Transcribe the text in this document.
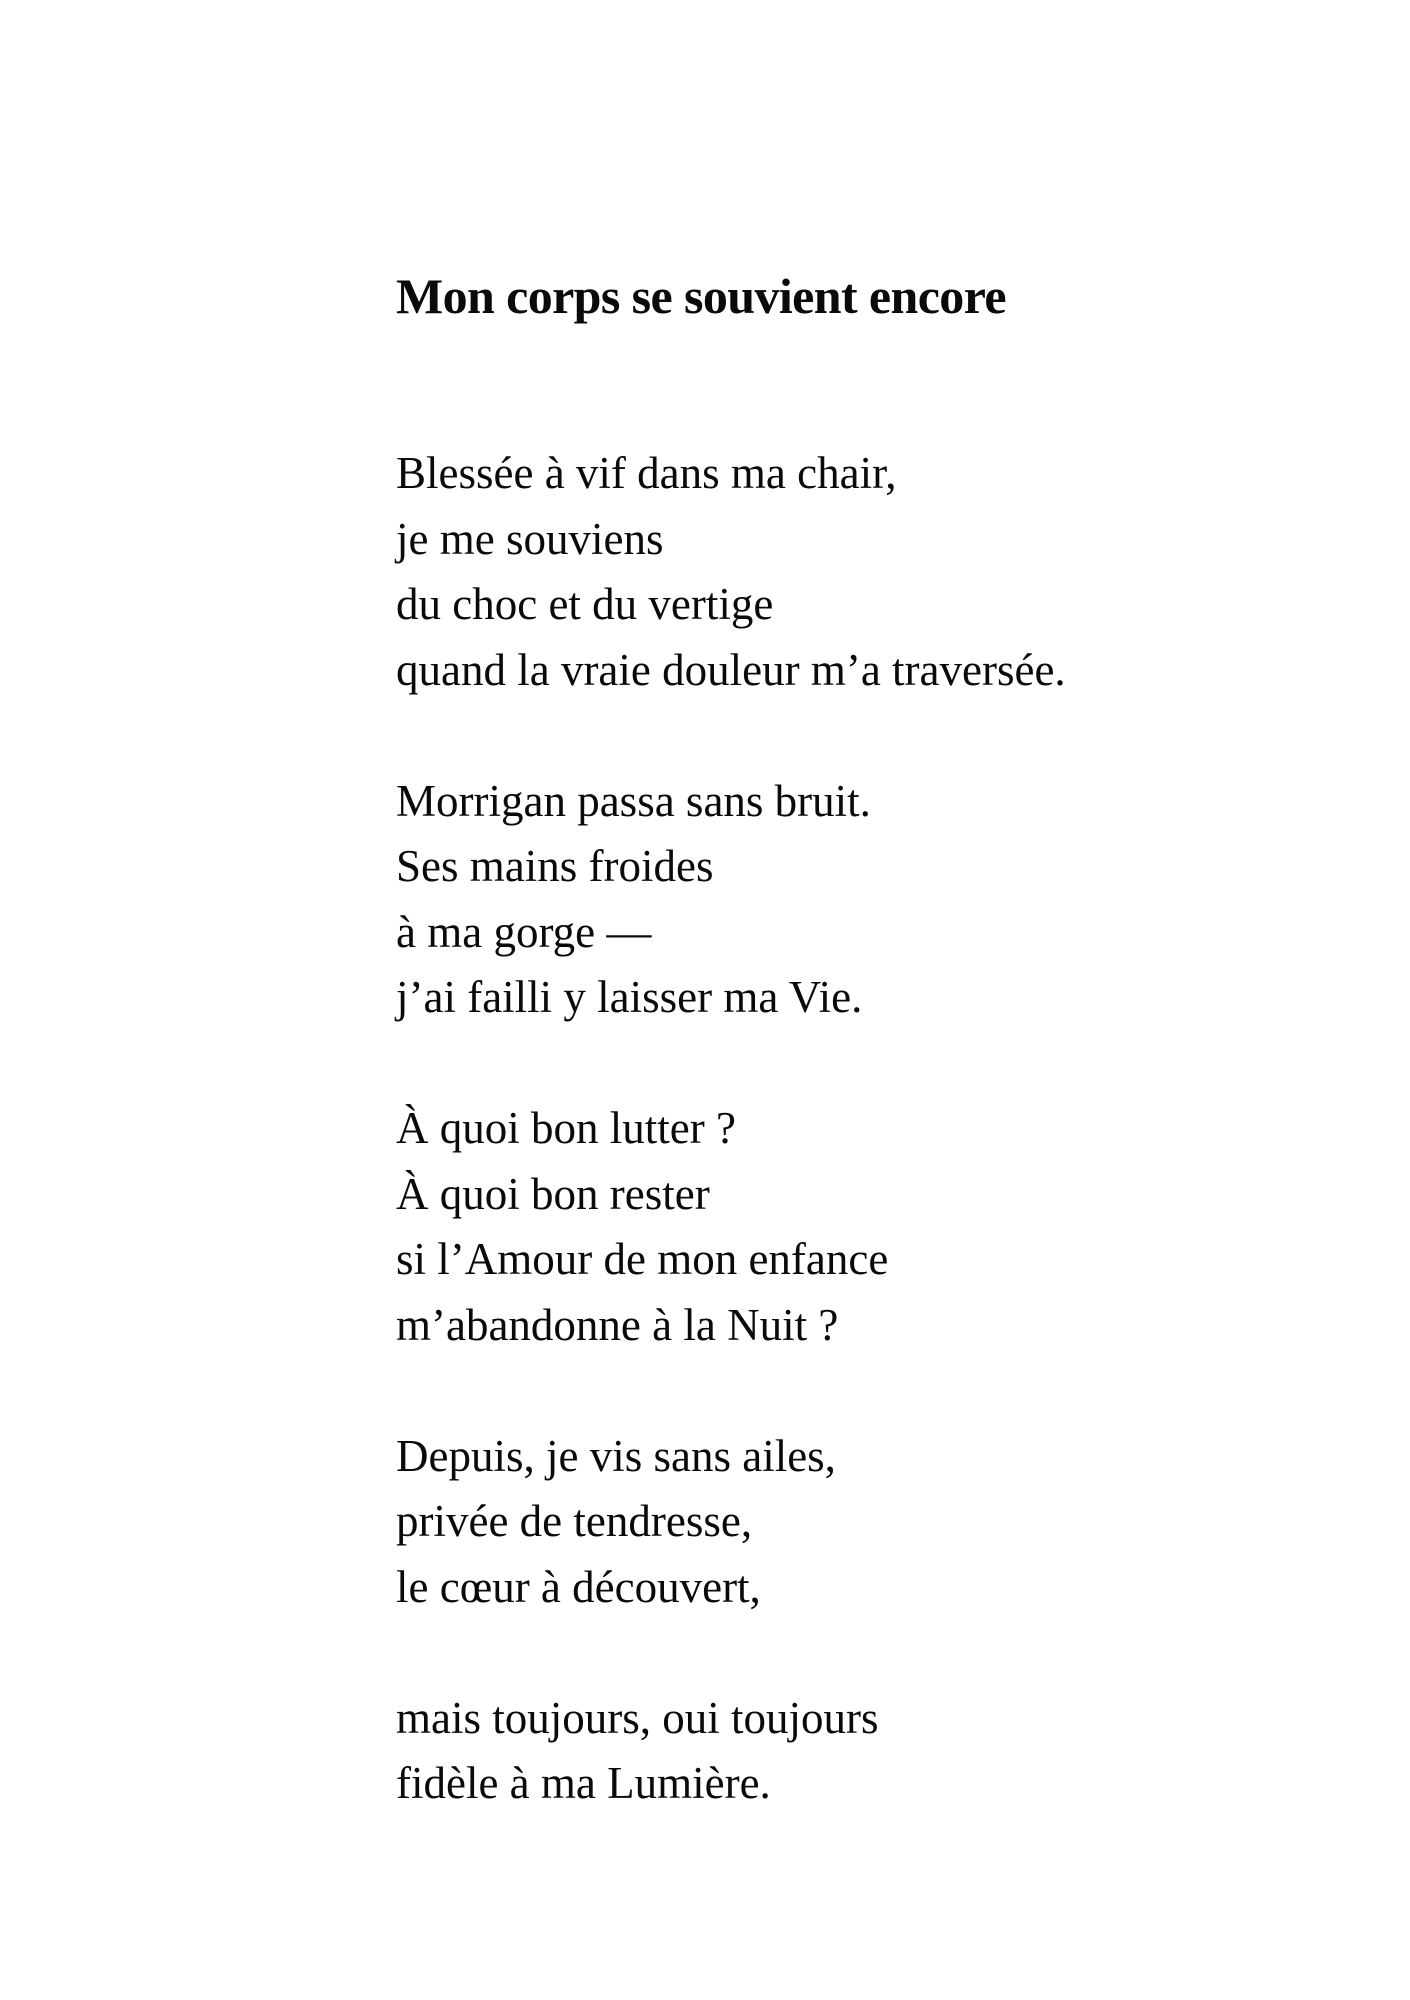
Mon corps se souvient encore

Blessée à vif dans ma chair,
je me souviens
du choc et du vertige
quand la vraie douleur m’a traversée.

Morrigan passa sans bruit.
Ses mains froides
à ma gorge —
j’ai failli y laisser ma Vie.

À quoi bon lutter ?
À quoi bon rester
si l’Amour de mon enfance
m’abandonne à la Nuit ?

Depuis, je vis sans ailes,
privée de tendresse,
le cœur à découvert,

mais toujours, oui toujours
fidèle à ma Lumière.
